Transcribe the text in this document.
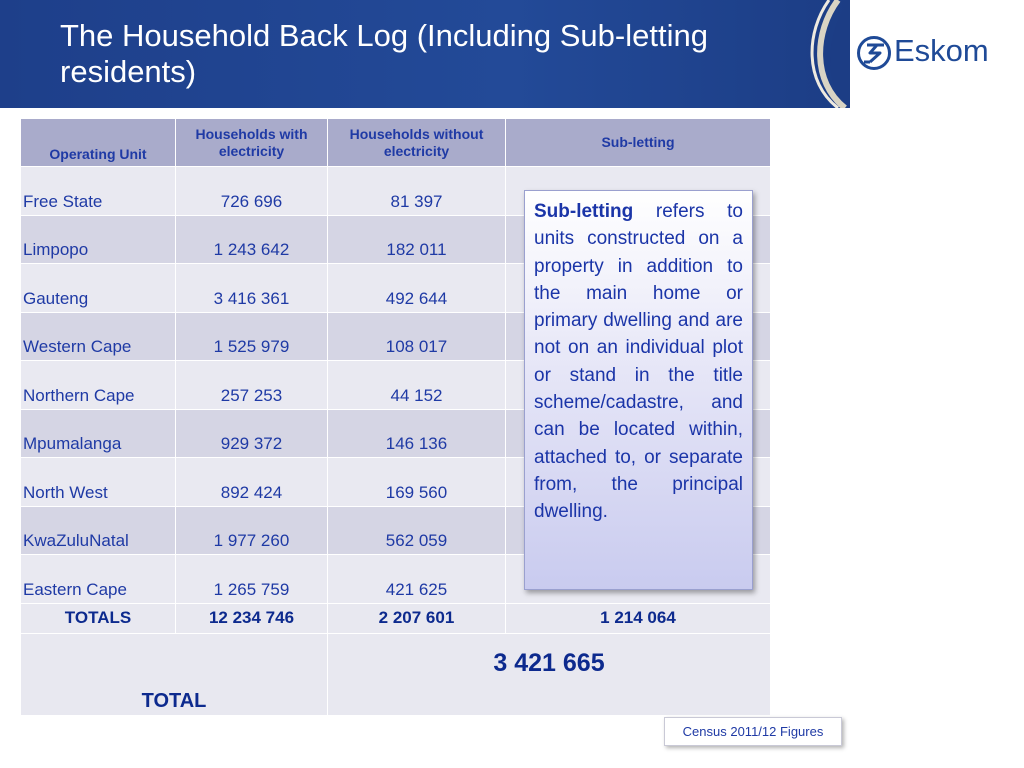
The Household Back Log (Including Sub-letting residents)
Eskom
Operating Unit	Households with electricity	Households without electricity	Sub-letting
Free State	726 696	81 397	
Limpopo	1 243 642	182 011	
Gauteng	3 416 361	492 644	
Western Cape	1 525 979	108 017	
Northern Cape	257 253	44 152	
Mpumalanga	929 372	146 136	
North West	892 424	169 560	
KwaZuluNatal	1 977 260	562 059	
Eastern Cape	1 265 759	421 625	
TOTALS	12 234 746	2 207 601	1 214 064
TOTAL		3 421 665	
Sub-letting refers to units constructed on a property in addition to the main home or primary dwelling and are not on an individual plot or stand in the title scheme/cadastre, and can be located within, attached to, or separate from, the principal dwelling.
Census 2011/12 Figures
